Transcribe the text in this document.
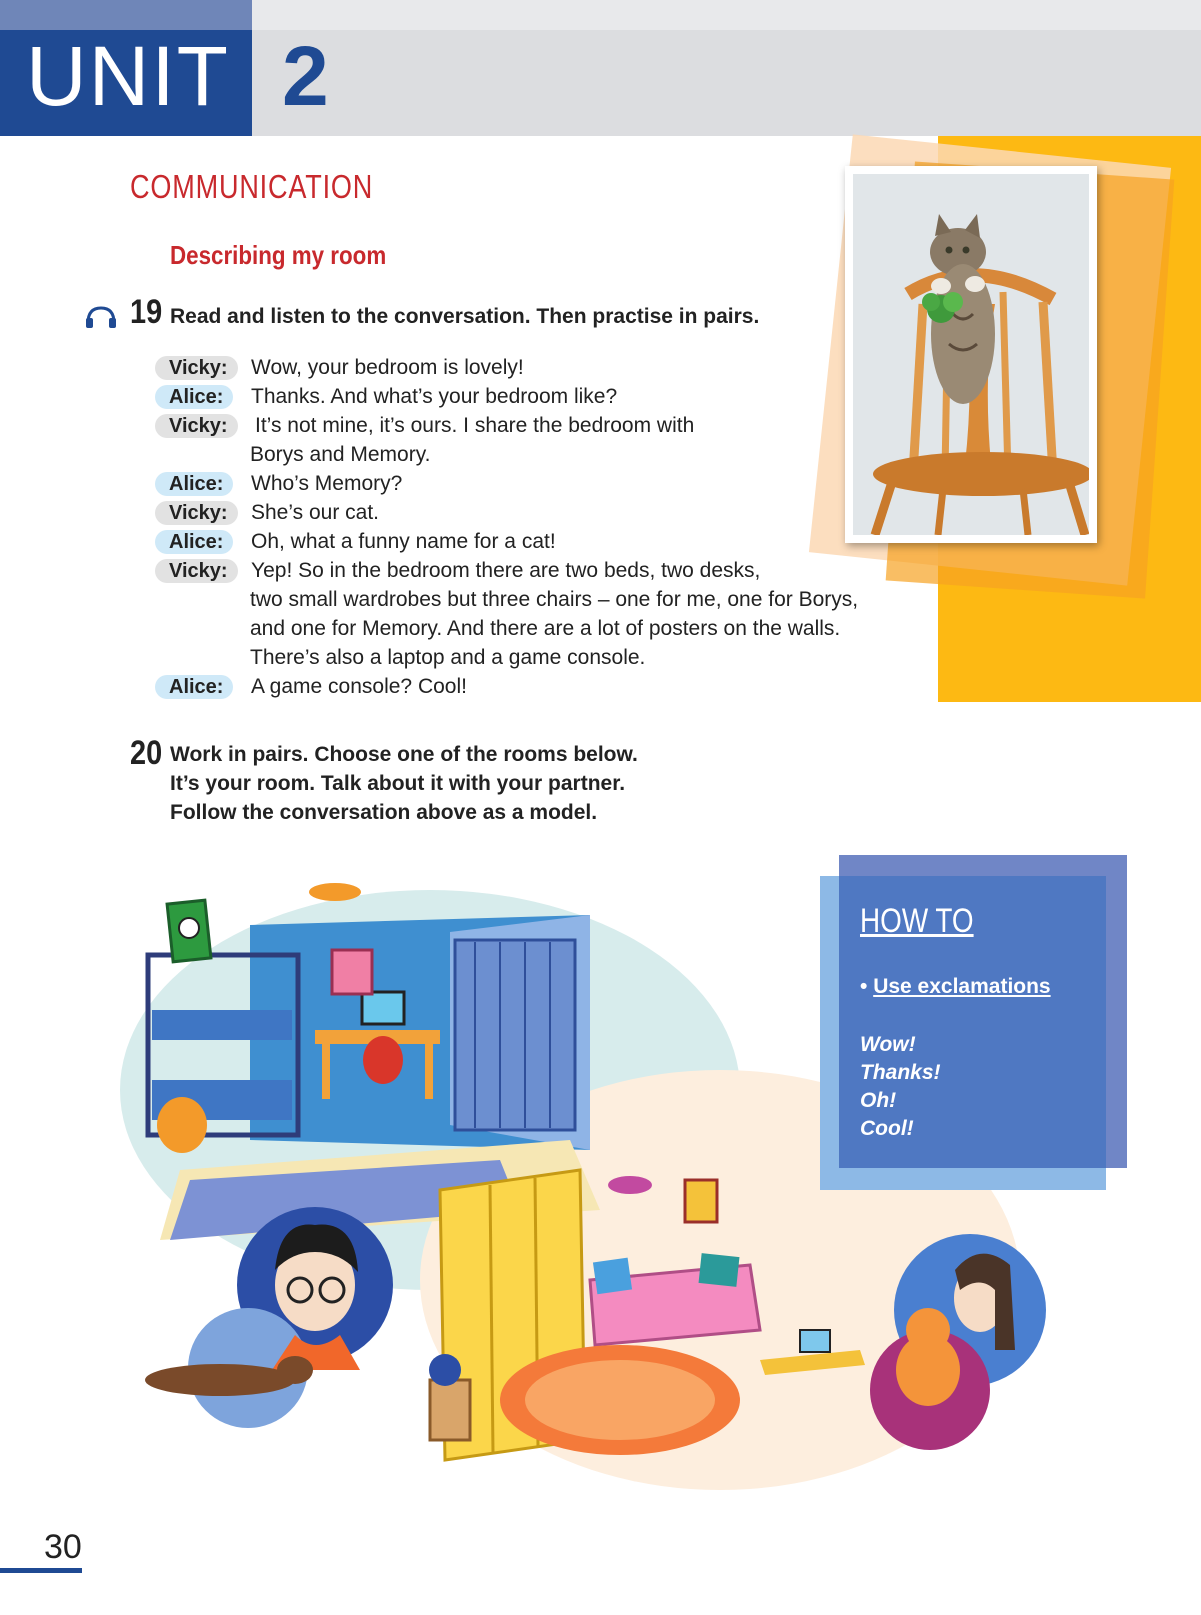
UNIT 2
COMMUNICATION
Describing my room
19 Read and listen to the conversation. Then practise in pairs.
Vicky:	Wow, your bedroom is lovely!
Alice:	Thanks. And what’s your bedroom like?
Vicky:	It’s not mine, it’s ours. I share the bedroom with
Borys and Memory.
Alice:	Who’s Memory?
Vicky:	She’s our cat.
Alice:	Oh, what a funny name for a cat!
Vicky:	Yep! So in the bedroom there are two beds, two desks,
two small wardrobes but three chairs – one for me, one for Borys,
and one for Memory. And there are a lot of posters on the walls.
There’s also a laptop and a game console.
Alice:	A game console? Cool!
20 Work in pairs. Choose one of the rooms below.
It’s your room. Talk about it with your partner.
Follow the conversation above as a model.
HOW TO
• Use exclamations
Wow!
Thanks!
Oh!
Cool!
30
